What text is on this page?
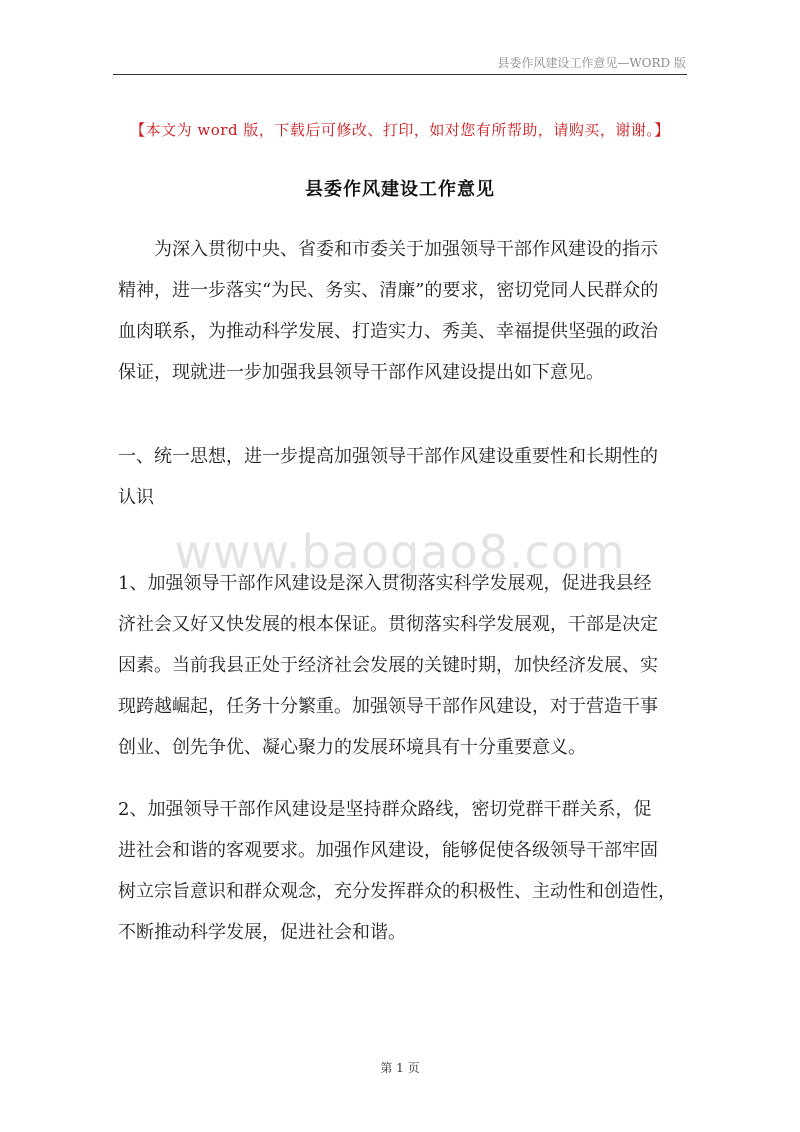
县委作风建设工作意见—WORD 版
【本文为 word 版，下载后可修改、打印，如对您有所帮助，请购买，谢谢。】
县委作风建设工作意见
为深入贯彻中央、省委和市委关于加强领导干部作风建设的指示
精神，进一步落实“为民、务实、清廉”的要求，密切党同人民群众的
血肉联系，为推动科学发展、打造实力、秀美、幸福提供坚强的政治
保证，现就进一步加强我县领导干部作风建设提出如下意见。
一、统一思想，进一步提高加强领导干部作风建设重要性和长期性的
认识
www.baogao8.com
1、加强领导干部作风建设是深入贯彻落实科学发展观，促进我县经
济社会又好又快发展的根本保证。贯彻落实科学发展观，干部是决定
因素。当前我县正处于经济社会发展的关键时期，加快经济发展、实
现跨越崛起，任务十分繁重。加强领导干部作风建设，对于营造干事
创业、创先争优、凝心聚力的发展环境具有十分重要意义。
2、加强领导干部作风建设是坚持群众路线，密切党群干群关系，促
进社会和谐的客观要求。加强作风建设，能够促使各级领导干部牢固
树立宗旨意识和群众观念，充分发挥群众的积极性、主动性和创造性，
不断推动科学发展，促进社会和谐。
第 1 页
